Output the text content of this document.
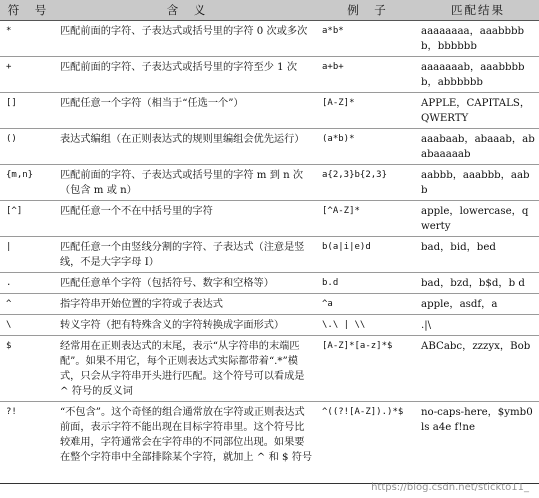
符　号	含　义	例　子	匹配结果
*	匹配前面的字符、子表达式或括号里的字符 0 次或多次	a*b*	aaaaaaaa，aaabbbbb，bbbbbb
+	匹配前面的字符、子表达式或括号里的字符至少 1 次	a+b+	aaaaaaab，aaabbbbb，abbbbbb
[]	匹配任意一个字符（相当于“任选一个”）	[A-Z]*	APPLE，CAPITALS，QWERTY
()	表达式编组（在正则表达式的规则里编组会优先运行）	(a*b)*	aaabaab，abaaab，ababaaaaab
{m,n}	匹配前面的字符、子表达式或括号里的字符 m 到 n 次（包含 m 或 n）	a{2,3}b{2,3}	aabbb，aaabbb，aabb
[^]	匹配任意一个不在中括号里的字符	[^A-Z]*	apple，lowercase，qwerty
|	匹配任意一个由竖线分割的字符、子表达式（注意是竖线，不是大字字母 I）	b(a|i|e)d	bad，bid，bed
.	匹配任意单个字符（包括符号、数字和空格等）	b.d	bad，bzd，b$d，b d
^	指字符串开始位置的字符或子表达式	^a	apple，asdf，a
\	转义字符（把有特殊含义的字符转换成字面形式）	\.\ | \\	.|\
$	经常用在正则表达式的末尾，表示“从字符串的末端匹配”。如果不用它，每个正则表达式实际都带着“.*”模式，只会从字符串开头进行匹配。这个符号可以看成是 ^ 符号的反义词	[A-Z]*[a-z]*$	ABCabc，zzzyx，Bob
?!	“不包含”。这个奇怪的组合通常放在字符或正则表达式前面，表示字符不能出现在目标字符串里。这个符号比较难用，字符通常会在字符串的不同部位出现。如果要在整个字符串中全部排除某个字符，就加上 ^ 和 $ 符号	^((?![A-Z]).)*$	no-caps-here，$ymb0ls a4e f!ne
https://blog.csdn.net/stickto11_
